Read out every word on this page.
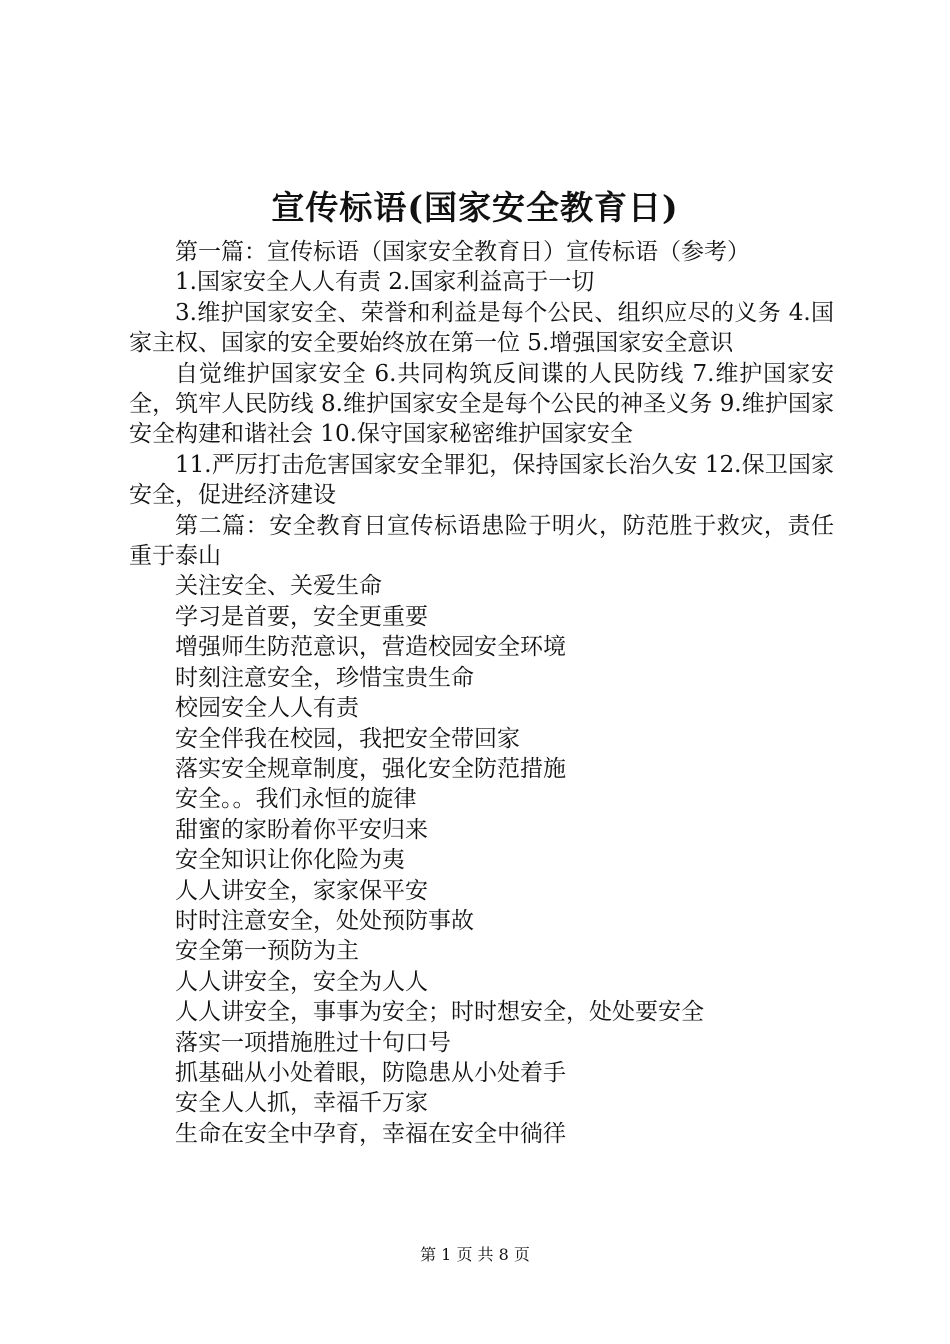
宣传标语(国家安全教育日)

第一篇：宣传标语（国家安全教育日）宣传标语（参考）

1.国家安全人人有责 2.国家利益高于一切

3.维护国家安全、荣誉和利益是每个公民、组织应尽的义务 4.国家主权、国家的安全要始终放在第一位 5.增强国家安全意识

自觉维护国家安全 6.共同构筑反间谍的人民防线 7.维护国家安全，筑牢人民防线 8.维护国家安全是每个公民的神圣义务 9.维护国家安全构建和谐社会 10.保守国家秘密维护国家安全

11.严厉打击危害国家安全罪犯，保持国家长治久安 12.保卫国家安全，促进经济建设

第二篇：安全教育日宣传标语患险于明火，防范胜于救灾，责任重于泰山

关注安全、关爱生命

学习是首要，安全更重要

增强师生防范意识，营造校园安全环境

时刻注意安全，珍惜宝贵生命

校园安全人人有责

安全伴我在校园，我把安全带回家

落实安全规章制度，强化安全防范措施

安全。。我们永恒的旋律

甜蜜的家盼着你平安归来

安全知识让你化险为夷

人人讲安全，家家保平安

时时注意安全，处处预防事故

安全第一预防为主

人人讲安全，安全为人人

人人讲安全，事事为安全；时时想安全，处处要安全

落实一项措施胜过十句口号

抓基础从小处着眼，防隐患从小处着手

安全人人抓，幸福千万家

生命在安全中孕育，幸福在安全中徜徉

第 1 页 共 8 页
